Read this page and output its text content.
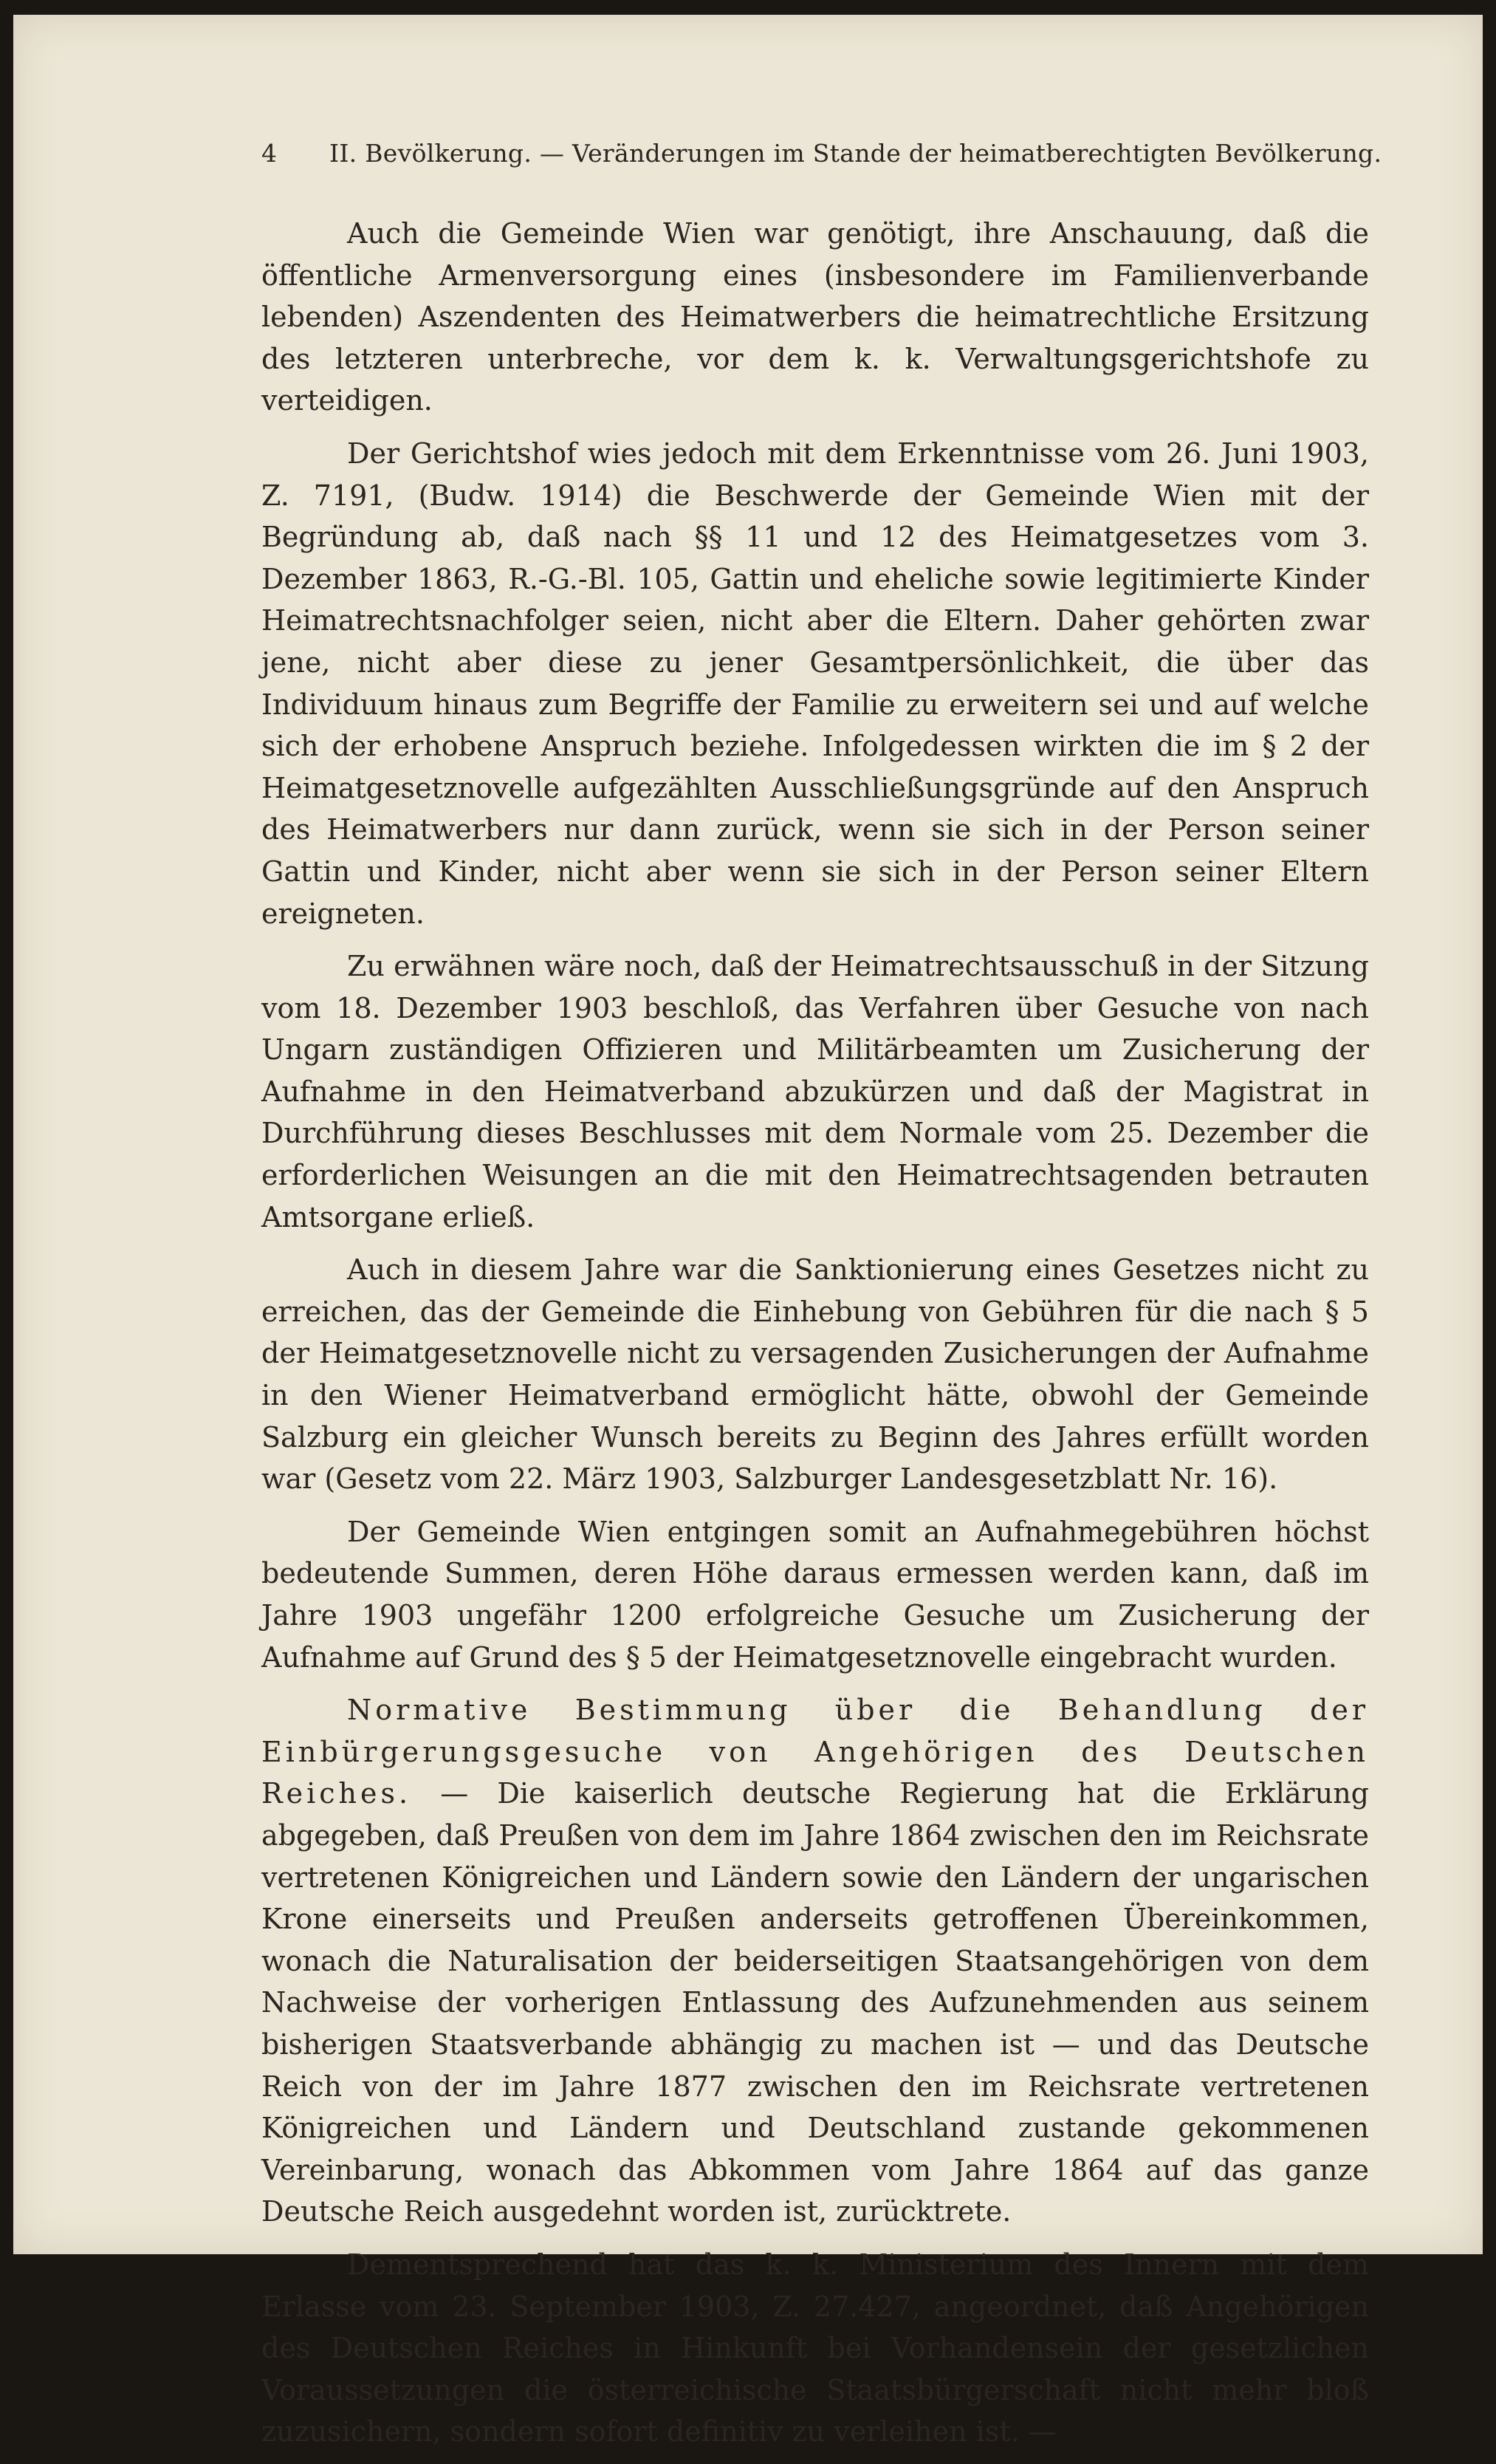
4 II. Bevölkerung. — Veränderungen im Stande der heimatberechtigten Bevölkerung.

Auch die Gemeinde Wien war genötigt, ihre Anschauung, daß die öffentliche Armenversorgung eines (insbesondere im Familienverbande lebenden) Aszendenten des Heimatwerbers die heimatrechtliche Ersitzung des letzteren unterbreche, vor dem k. k. Verwaltungsgerichtshofe zu verteidigen.

Der Gerichtshof wies jedoch mit dem Erkenntnisse vom 26. Juni 1903, Z. 7191, (Budw. 1914) die Beschwerde der Gemeinde Wien mit der Begründung ab, daß nach §§ 11 und 12 des Heimatgesetzes vom 3. Dezember 1863, R.-G.-Bl. 105, Gattin und eheliche sowie legitimierte Kinder Heimatrechtsnachfolger seien, nicht aber die Eltern. Daher gehörten zwar jene, nicht aber diese zu jener Gesamtpersönlichkeit, die über das Individuum hinaus zum Begriffe der Familie zu erweitern sei und auf welche sich der erhobene Anspruch beziehe. Infolgedessen wirkten die im § 2 der Heimatgesetznovelle aufgezählten Ausschließungsgründe auf den Anspruch des Heimatwerbers nur dann zurück, wenn sie sich in der Person seiner Gattin und Kinder, nicht aber wenn sie sich in der Person seiner Eltern ereigneten.

Zu erwähnen wäre noch, daß der Heimatrechtsausschuß in der Sitzung vom 18. Dezember 1903 beschloß, das Verfahren über Gesuche von nach Ungarn zuständigen Offizieren und Militärbeamten um Zusicherung der Aufnahme in den Heimatverband abzukürzen und daß der Magistrat in Durchführung dieses Beschlusses mit dem Normale vom 25. Dezember die erforderlichen Weisungen an die mit den Heimatrechtsagenden betrauten Amtsorgane erließ.

Auch in diesem Jahre war die Sanktionierung eines Gesetzes nicht zu erreichen, das der Gemeinde die Einhebung von Gebühren für die nach § 5 der Heimatgesetznovelle nicht zu versagenden Zusicherungen der Aufnahme in den Wiener Heimatverband ermöglicht hätte, obwohl der Gemeinde Salzburg ein gleicher Wunsch bereits zu Beginn des Jahres erfüllt worden war (Gesetz vom 22. März 1903, Salzburger Landesgesetzblatt Nr. 16).

Der Gemeinde Wien entgingen somit an Aufnahmegebühren höchst bedeutende Summen, deren Höhe daraus ermessen werden kann, daß im Jahre 1903 ungefähr 1200 erfolgreiche Gesuche um Zusicherung der Aufnahme auf Grund des § 5 der Heimatgesetznovelle eingebracht wurden.

Normative Bestimmung über die Behandlung der Einbürgerungsgesuche von Angehörigen des Deutschen Reiches. — Die kaiserlich deutsche Regierung hat die Erklärung abgegeben, daß Preußen von dem im Jahre 1864 zwischen den im Reichsrate vertretenen Königreichen und Ländern sowie den Ländern der ungarischen Krone einerseits und Preußen anderseits getroffenen Übereinkommen, wonach die Naturalisation der beiderseitigen Staatsangehörigen von dem Nachweise der vorherigen Entlassung des Aufzunehmenden aus seinem bisherigen Staatsverbande abhängig zu machen ist — und das Deutsche Reich von der im Jahre 1877 zwischen den im Reichsrate vertretenen Königreichen und Ländern und Deutschland zustande gekommenen Vereinbarung, wonach das Abkommen vom Jahre 1864 auf das ganze Deutsche Reich ausgedehnt worden ist, zurücktrete.

Dementsprechend hat das k. k. Ministerium des Innern mit dem Erlasse vom 23. September 1903, Z. 27.427, angeordnet, daß Angehörigen des Deutschen Reiches in Hinkunft bei Vorhandensein der gesetzlichen Voraussetzungen die österreichische Staatsbürgerschaft nicht mehr bloß zuzusichern, sondern sofort definitiv zu verleihen ist. —
